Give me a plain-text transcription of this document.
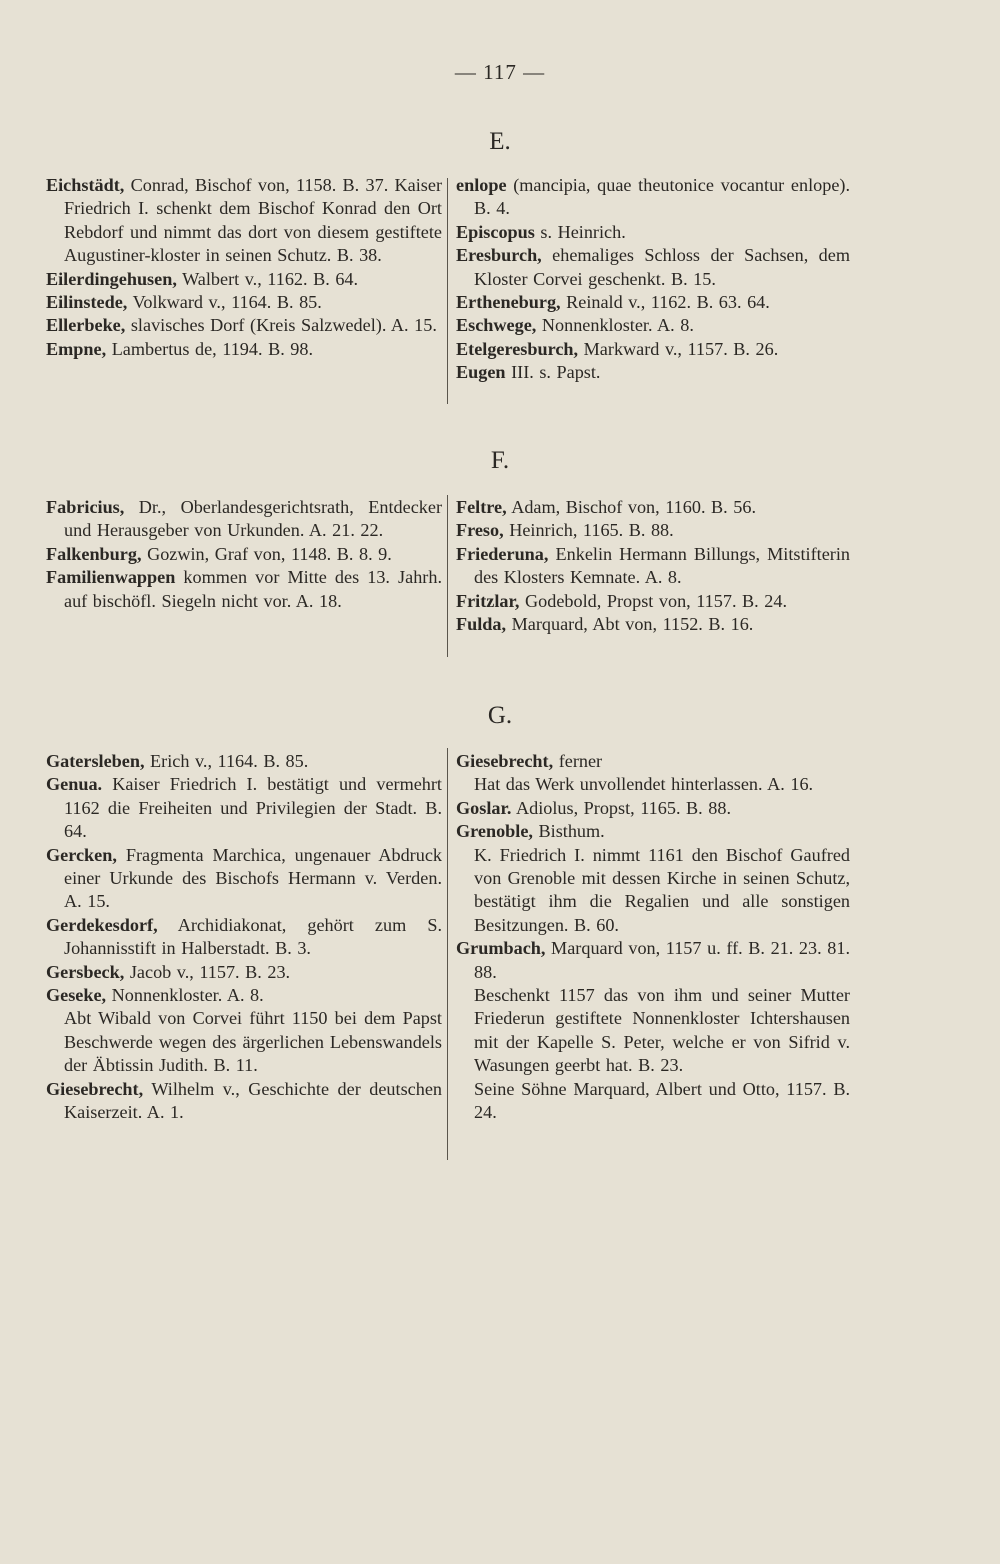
— 117 —
E.

Eichstädt, Conrad, Bischof von, 1158. B. 37. Kaiser Friedrich I. schenkt dem Bischof Konrad den Ort Rebdorf und nimmt das dort von diesem gestiftete Augustiner-kloster in seinen Schutz. B. 38.

Eilerdingehusen, Walbert v., 1162. B. 64.

Eilinstede, Volkward v., 1164. B. 85.

Ellerbeke, slavisches Dorf (Kreis Salzwedel). A. 15.

Empne, Lambertus de, 1194. B. 98.

enlope (mancipia, quae theutonice vocantur enlope). B. 4.

Episcopus s. Heinrich.

Eresburch, ehemaliges Schloss der Sachsen, dem Kloster Corvei geschenkt. B. 15.

Ertheneburg, Reinald v., 1162. B. 63. 64.

Eschwege, Nonnenkloster. A. 8.

Etelgeresburch, Markward v., 1157. B. 26.

Eugen III. s. Papst.

F.

Fabricius, Dr., Oberlandesgerichtsrath, Entdecker und Herausgeber von Urkunden. A. 21. 22.

Falkenburg, Gozwin, Graf von, 1148. B. 8. 9.

Familienwappen kommen vor Mitte des 13. Jahrh. auf bischöfl. Siegeln nicht vor. A. 18.

Feltre, Adam, Bischof von, 1160. B. 56.

Freso, Heinrich, 1165. B. 88.

Friederuna, Enkelin Hermann Billungs, Mitstifterin des Klosters Kemnate. A. 8.

Fritzlar, Godebold, Propst von, 1157. B. 24.

Fulda, Marquard, Abt von, 1152. B. 16.

G.

Gatersleben, Erich v., 1164. B. 85.

Genua. Kaiser Friedrich I. bestätigt und vermehrt 1162 die Freiheiten und Privilegien der Stadt. B. 64.

Gercken, Fragmenta Marchica, ungenauer Abdruck einer Urkunde des Bischofs Hermann v. Verden. A. 15.

Gerdekesdorf, Archidiakonat, gehört zum S. Johannisstift in Halberstadt. B. 3.

Gersbeck, Jacob v., 1157. B. 23.

Geseke, Nonnenkloster. A. 8.

Abt Wibald von Corvei führt 1150 bei dem Papst Beschwerde wegen des ärgerlichen Lebenswandels der Äbtissin Judith. B. 11.

Giesebrecht, Wilhelm v., Geschichte der deutschen Kaiserzeit. A. 1.

Giesebrecht, ferner

Hat das Werk unvollendet hinterlassen. A. 16.

Goslar. Adiolus, Propst, 1165. B. 88.

Grenoble, Bisthum.

K. Friedrich I. nimmt 1161 den Bischof Gaufred von Grenoble mit dessen Kirche in seinen Schutz, bestätigt ihm die Regalien und alle sonstigen Besitzungen. B. 60.

Grumbach, Marquard von, 1157 u. ff. B. 21. 23. 81. 88.

Beschenkt 1157 das von ihm und seiner Mutter Friederun gestiftete Nonnenkloster Ichtershausen mit der Kapelle S. Peter, welche er von Sifrid v. Wasungen geerbt hat. B. 23.

Seine Söhne Marquard, Albert und Otto, 1157. B. 24.
